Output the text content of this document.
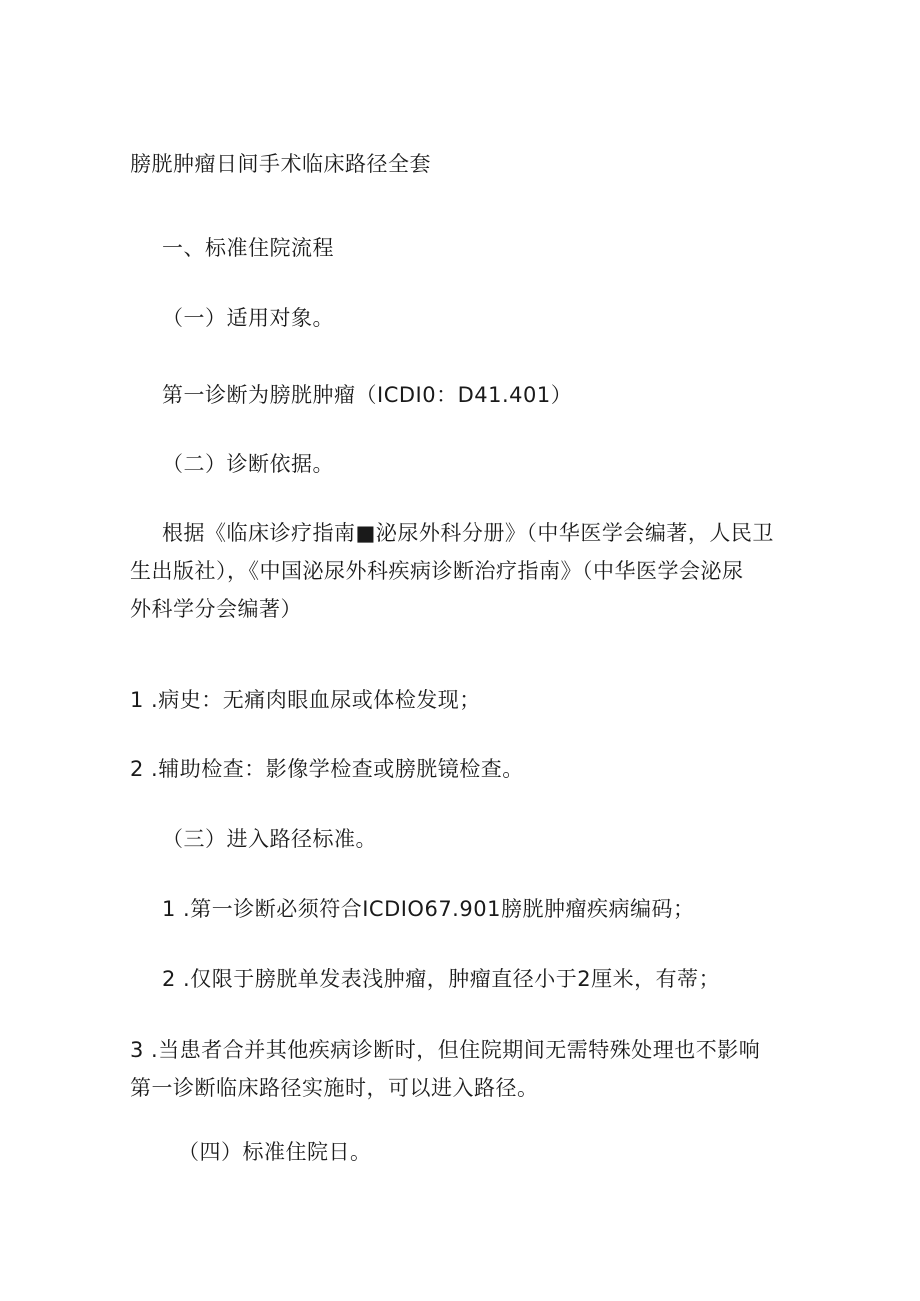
膀胱肿瘤日间手术临床路径全套
一、标准住院流程
（一）适用对象。
第一诊断为膀胱肿瘤（ICDI0：D41.401）
（二）诊断依据。
根据《临床诊疗指南■泌尿外科分册》（中华医学会编著，人民卫
生出版社），《中国泌尿外科疾病诊断治疗指南》（中华医学会泌尿
外科学分会编著）
1 .病史：无痛肉眼血尿或体检发现；
2 .辅助检查：影像学检查或膀胱镜检查。
（三）进入路径标准。
1 .第一诊断必须符合ICDIO67.901膀胱肿瘤疾病编码；
2 .仅限于膀胱单发表浅肿瘤，肿瘤直径小于2厘米，有蒂；
3 .当患者合并其他疾病诊断时，但住院期间无需特殊处理也不影响
第一诊断临床路径实施时，可以进入路径。
（四）标准住院日。
